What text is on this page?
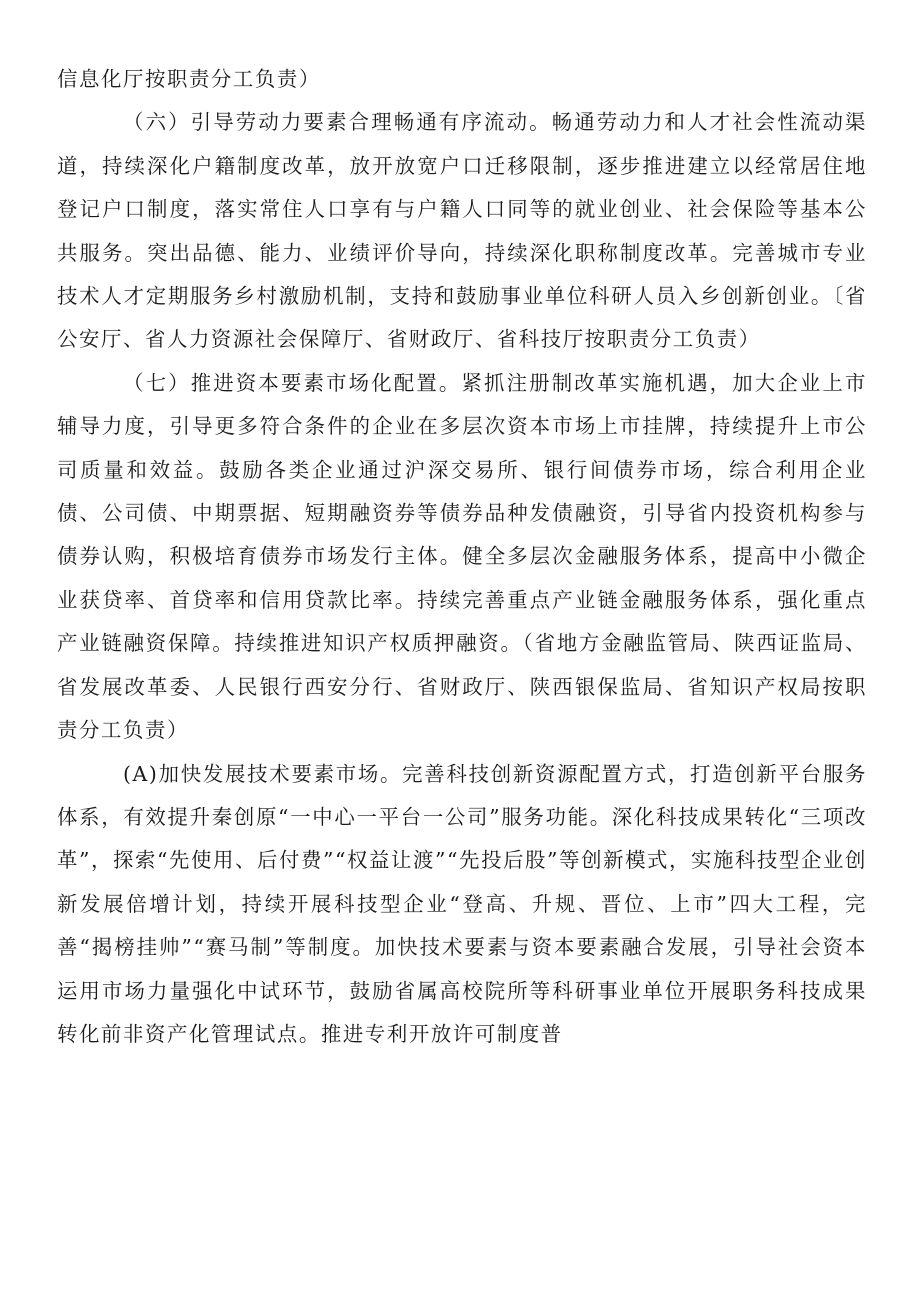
信息化厅按职责分工负责）

（六）引导劳动力要素合理畅通有序流动。畅通劳动力和人才社会性流动渠道，持续深化户籍制度改革，放开放宽户口迁移限制，逐步推进建立以经常居住地登记户口制度，落实常住人口享有与户籍人口同等的就业创业、社会保险等基本公共服务。突出品德、能力、业绩评价导向，持续深化职称制度改革。完善城市专业技术人才定期服务乡村激励机制，支持和鼓励事业单位科研人员入乡创新创业。〔省公安厅、省人力资源社会保障厅、省财政厅、省科技厅按职责分工负责）

（七）推进资本要素市场化配置。紧抓注册制改革实施机遇，加大企业上市辅导力度，引导更多符合条件的企业在多层次资本市场上市挂牌，持续提升上市公司质量和效益。鼓励各类企业通过沪深交易所、银行间债券市场，综合利用企业债、公司债、中期票据、短期融资券等债券品种发债融资，引导省内投资机构参与债券认购，积极培育债券市场发行主体。健全多层次金融服务体系，提高中小微企业获贷率、首贷率和信用贷款比率。持续完善重点产业链金融服务体系，强化重点产业链融资保障。持续推进知识产权质押融资。（省地方金融监管局、陕西证监局、省发展改革委、人民银行西安分行、省财政厅、陕西银保监局、省知识产权局按职责分工负责）

(A)加快发展技术要素市场。完善科技创新资源配置方式，打造创新平台服务体系，有效提升秦创原“一中心一平台一公司”服务功能。深化科技成果转化“三项改革”，探索“先使用、后付费”“权益让渡”“先投后股”等创新模式，实施科技型企业创新发展倍增计划，持续开展科技型企业“登高、升规、晋位、上市”四大工程，完善“揭榜挂帅”“赛马制”等制度。加快技术要素与资本要素融合发展，引导社会资本运用市场力量强化中试环节，鼓励省属高校院所等科研事业单位开展职务科技成果转化前非资产化管理试点。推进专利开放许可制度普
